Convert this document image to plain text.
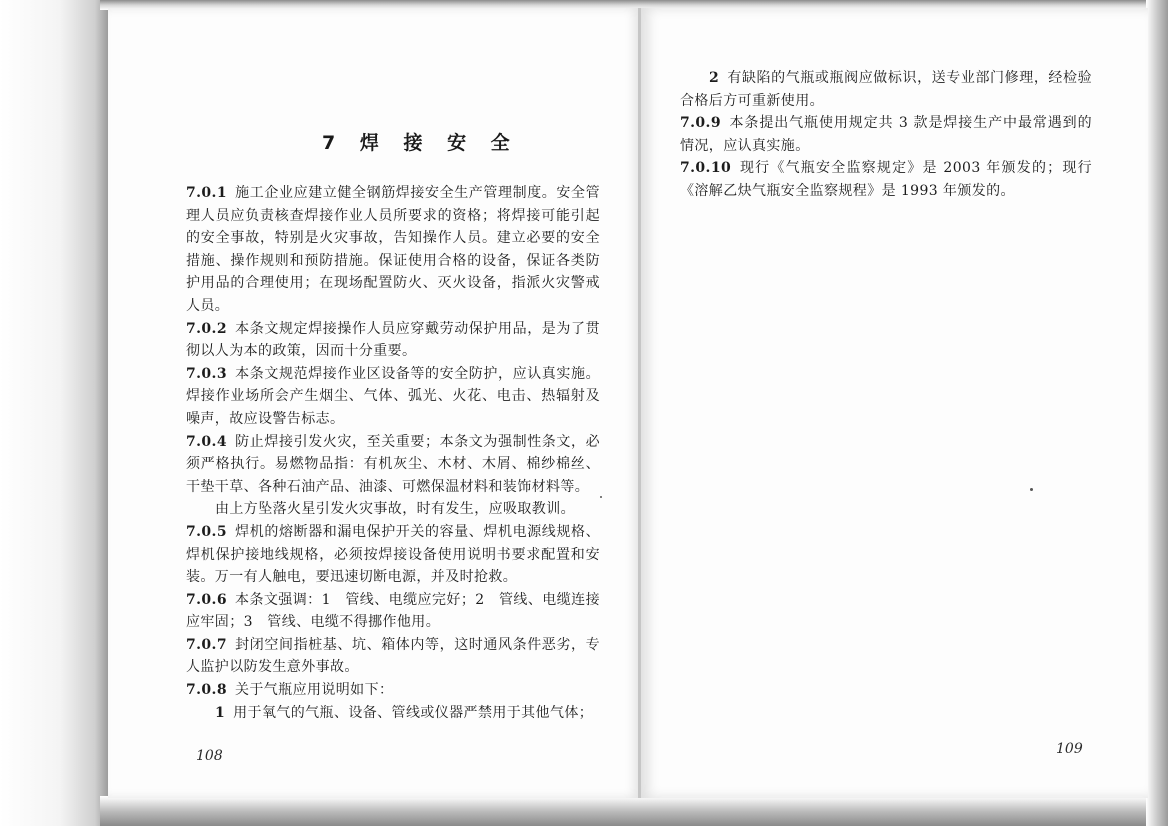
7 焊 接 安 全

7.0.1 施工企业应建立健全钢筋焊接安全生产管理制度。安全管理人员应负责核查焊接作业人员所要求的资格；将焊接可能引起的安全事故，特别是火灾事故，告知操作人员。建立必要的安全措施、操作规则和预防措施。保证使用合格的设备，保证各类防护用品的合理使用；在现场配置防火、灭火设备，指派火灾警戒人员。

7.0.2 本条文规定焊接操作人员应穿戴劳动保护用品，是为了贯彻以人为本的政策，因而十分重要。

7.0.3 本条文规范焊接作业区设备等的安全防护，应认真实施。焊接作业场所会产生烟尘、气体、弧光、火花、电击、热辐射及噪声，故应设警告标志。

7.0.4 防止焊接引发火灾，至关重要；本条文为强制性条文，必须严格执行。易燃物品指：有机灰尘、木材、木屑、棉纱棉丝、干垫干草、各种石油产品、油漆、可燃保温材料和装饰材料等。

由上方坠落火星引发火灾事故，时有发生，应吸取教训。

7.0.5 焊机的熔断器和漏电保护开关的容量、焊机电源线规格、焊机保护接地线规格，必须按焊接设备使用说明书要求配置和安装。万一有人触电，要迅速切断电源，并及时抢救。

7.0.6 本条文强调：1　管线、电缆应完好；2　管线、电缆连接应牢固；3　管线、电缆不得挪作他用。

7.0.7 封闭空间指桩基、坑、箱体内等，这时通风条件恶劣，专人监护以防发生意外事故。

7.0.8 关于气瓶应用说明如下：

1 用于氧气的气瓶、设备、管线或仪器严禁用于其他气体；

108

2 有缺陷的气瓶或瓶阀应做标识，送专业部门修理，经检验合格后方可重新使用。

7.0.9 本条提出气瓶使用规定共 3 款是焊接生产中最常遇到的情况，应认真实施。

7.0.10 现行《气瓶安全监察规定》是 2003 年颁发的；现行《溶解乙炔气瓶安全监察规程》是 1993 年颁发的。

109
